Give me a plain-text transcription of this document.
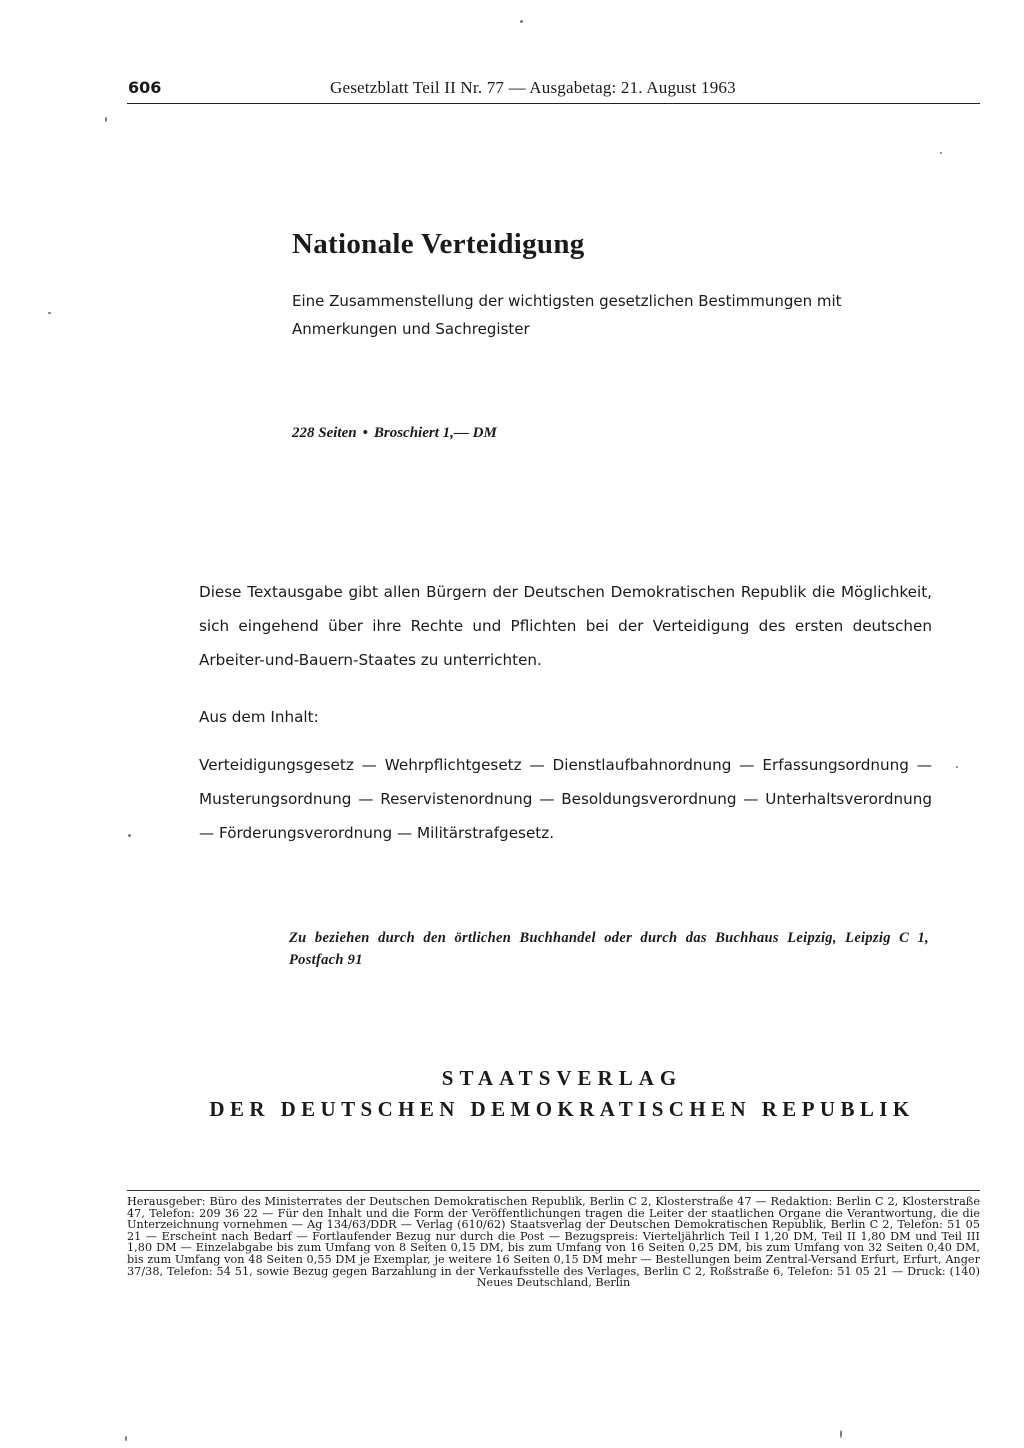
606	Gesetzblatt Teil II Nr. 77 — Ausgabetag: 21. August 1963
Nationale Verteidigung
Eine Zusammenstellung der wichtigsten gesetzlichen Bestimmungen mit Anmerkungen und Sachregister
228 Seiten • Broschiert 1,— DM
Diese Textausgabe gibt allen Bürgern der Deutschen Demokratischen Republik die Möglichkeit, sich eingehend über ihre Rechte und Pflichten bei der Verteidigung des ersten deutschen Arbeiter-und-Bauern-Staates zu unterrichten.
Aus dem Inhalt:
Verteidigungsgesetz — Wehrpflichtgesetz — Dienstlaufbahnordnung — Erfassungsordnung — Musterungsordnung — Reservistenordnung — Besoldungsverordnung — Unterhaltsverordnung — Förderungsverordnung — Militärstrafgesetz.
Zu beziehen durch den örtlichen Buchhandel oder durch das Buchhaus Leipzig, Leipzig C 1, Postfach 91
STAATSVERLAG
DER DEUTSCHEN DEMOKRATISCHEN REPUBLIK
Herausgeber: Büro des Ministerrates der Deutschen Demokratischen Republik, Berlin C 2, Klosterstraße 47 — Redaktion: Berlin C 2, Klosterstraße 47, Telefon: 209 36 22 — Für den Inhalt und die Form der Veröffentlichungen tragen die Leiter der staatlichen Organe die Verantwortung, die die Unterzeichnung vornehmen — Ag 134/63/DDR — Verlag (610/62) Staatsverlag der Deutschen Demokratischen Republik, Berlin C 2, Telefon: 51 05 21 — Erscheint nach Bedarf — Fortlaufender Bezug nur durch die Post — Bezugspreis: Vierteljährlich Teil I 1,20 DM, Teil II 1,80 DM und Teil III 1,80 DM — Einzelabgabe bis zum Umfang von 8 Seiten 0,15 DM, bis zum Umfang von 16 Seiten 0,25 DM, bis zum Umfang von 32 Seiten 0,40 DM, bis zum Umfang von 48 Seiten 0,55 DM je Exemplar, je weitere 16 Seiten 0,15 DM mehr — Bestellungen beim Zentral-Versand Erfurt, Erfurt, Anger 37/38, Telefon: 54 51, sowie Bezug gegen Barzahlung in der Verkaufsstelle des Verlages, Berlin C 2, Roßstraße 6, Telefon: 51 05 21 — Druck: (140) Neues Deutschland, Berlin
